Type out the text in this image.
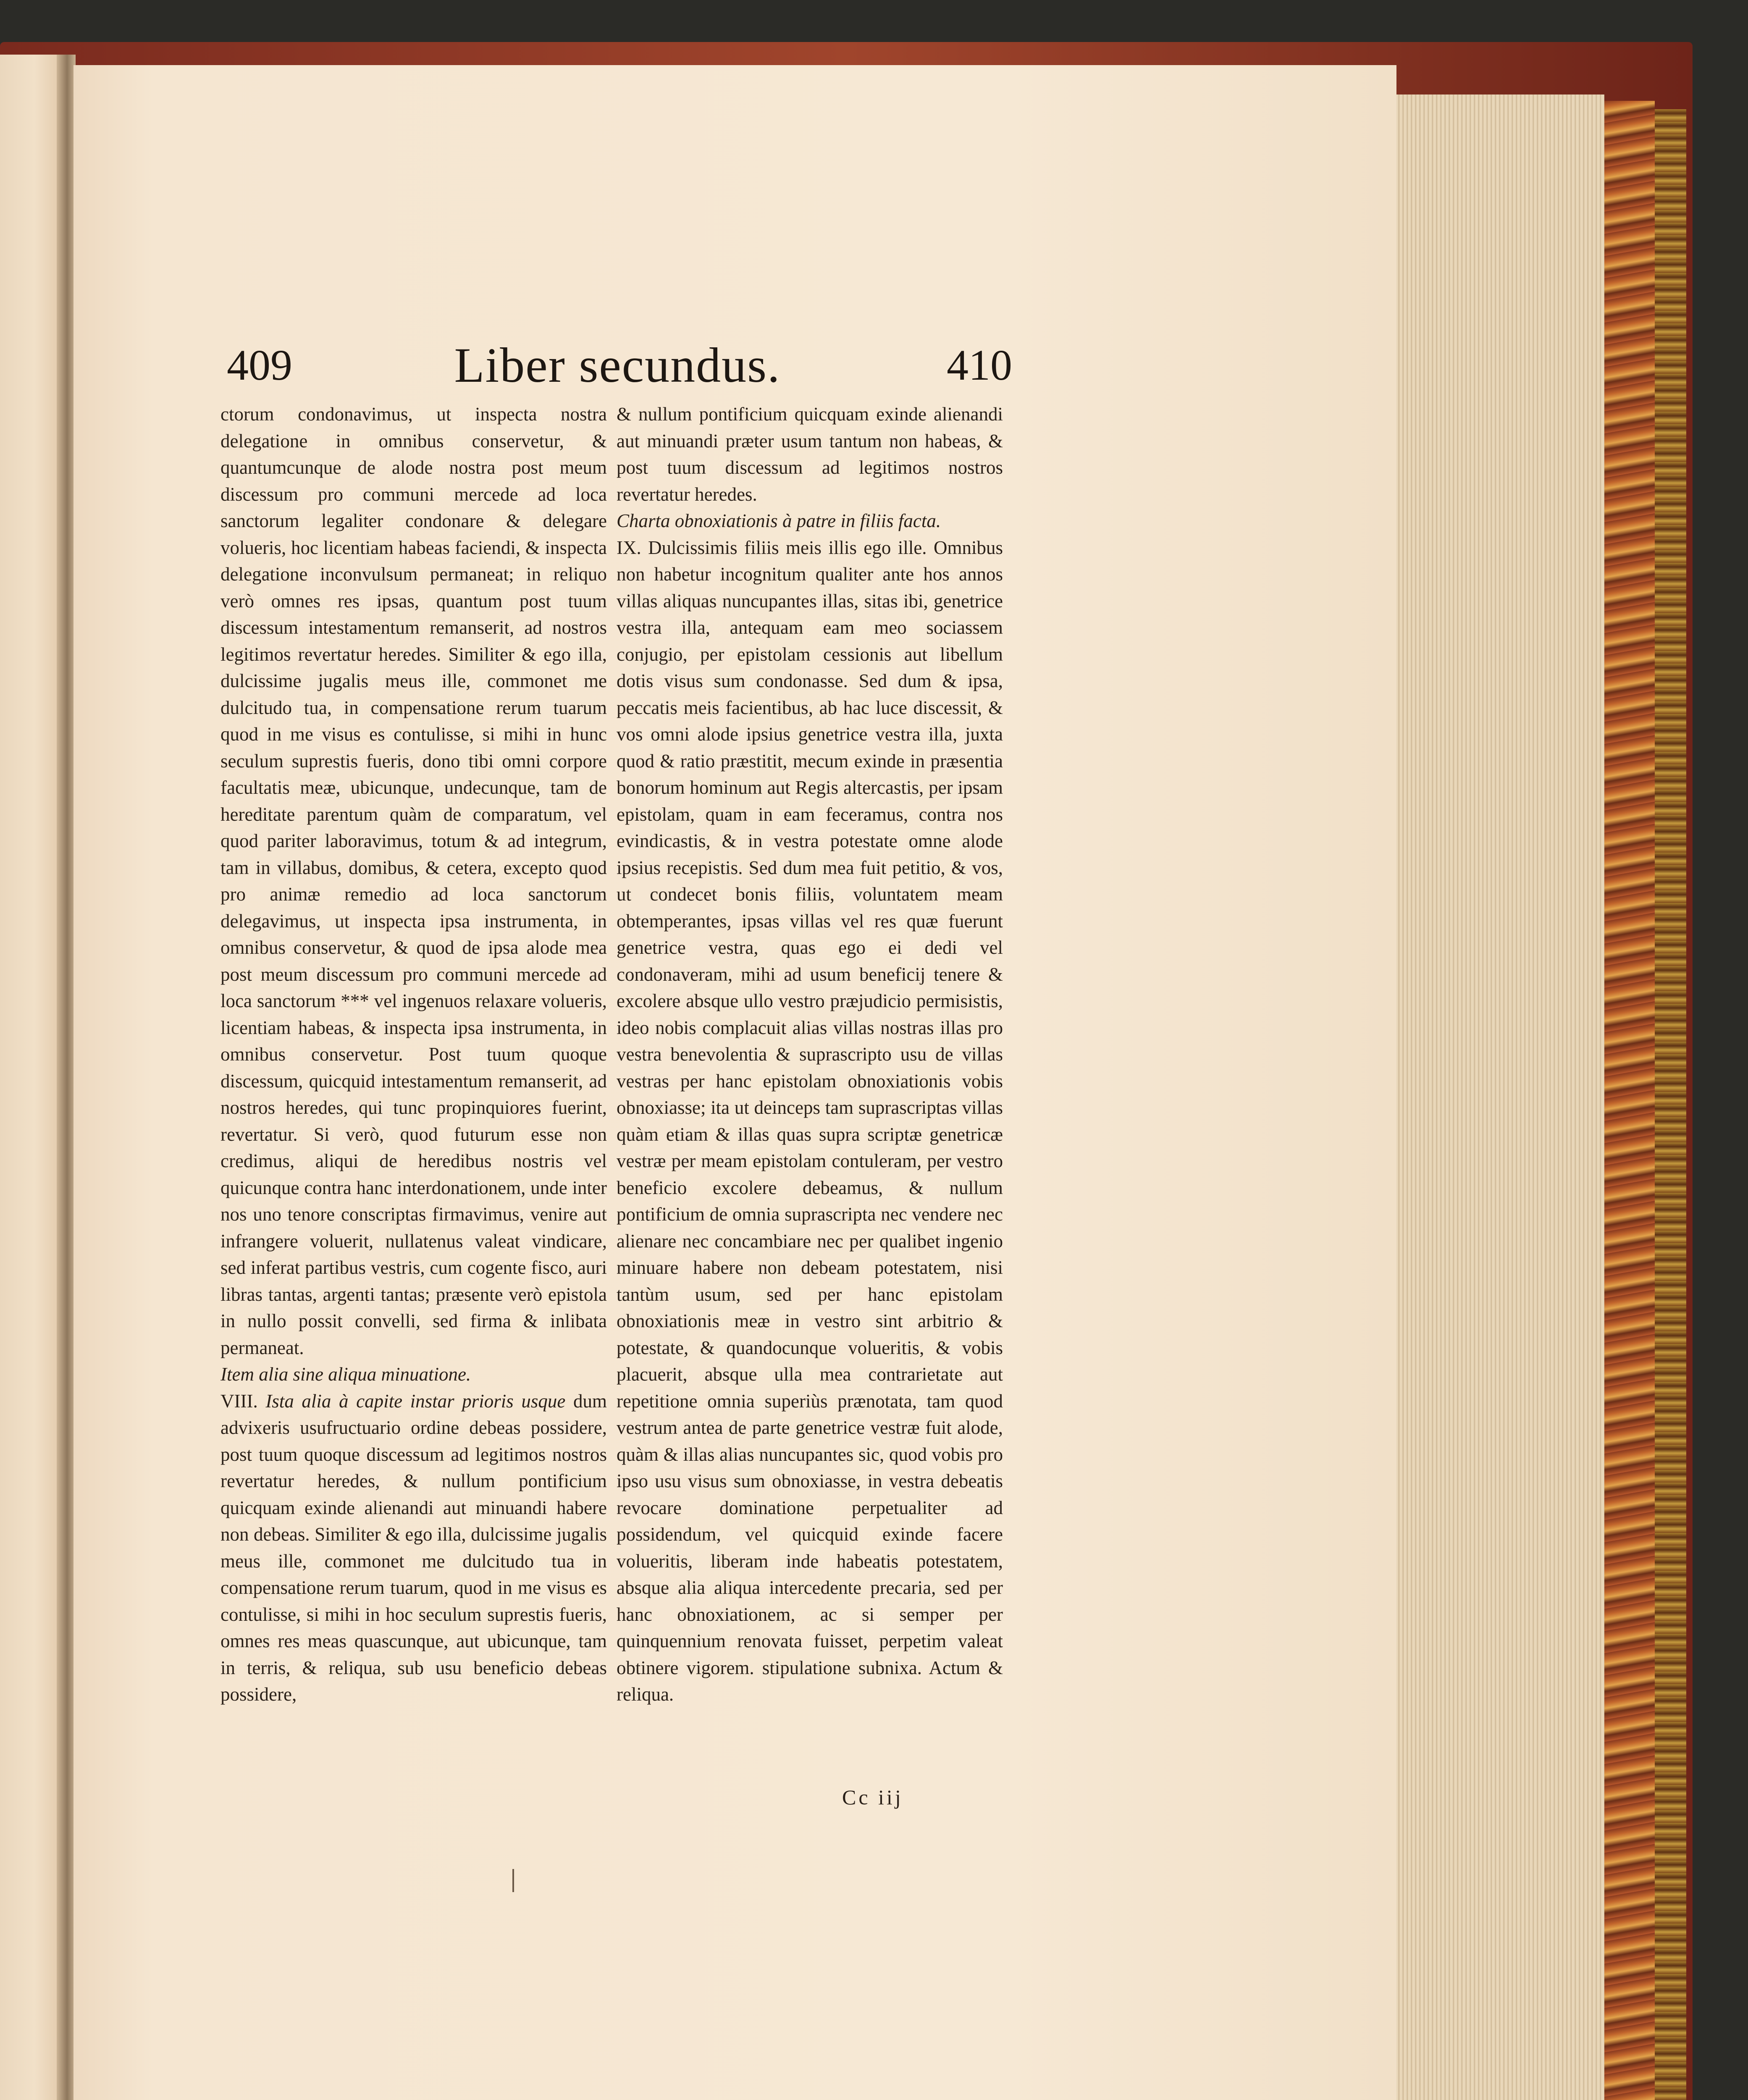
409	Liber secundus.	410

ctorum condonavimus, ut inspecta nostra delegatione in omnibus conservetur, & quantumcunque de alode nostra post meum discessum pro communi mercede ad loca sanctorum legaliter condonare & delegare volueris, hoc licentiam habeas faciendi, & inspecta delegatione inconvulsum permaneat; in reliquo verò omnes res ipsas, quantum post tuum discessum intestamentum remanserit, ad nostros legitimos revertatur heredes. Similiter & ego illa, dulcissime jugalis meus ille, commonet me dulcitudo tua, in compensatione rerum tuarum quod in me visus es contulisse, si mihi in hunc seculum suprestis fueris, dono tibi omni corpore facultatis meæ, ubicunque, undecunque, tam de hereditate parentum quàm de comparatum, vel quod pariter laboravimus, totum & ad integrum, tam in villabus, domibus, & cetera, excepto quod pro animæ remedio ad loca sanctorum delegavimus, ut inspecta ipsa instrumenta, in omnibus conservetur, & quod de ipsa alode mea post meum discessum pro communi mercede ad loca sanctorum *** vel ingenuos relaxare volueris, licentiam habeas, & inspecta ipsa instrumenta, in omnibus conservetur. Post tuum quoque discessum, quicquid intestamentum remanserit, ad nostros heredes, qui tunc propinquiores fuerint, revertatur. Si verò, quod futurum esse non credimus, aliqui de heredibus nostris vel quicunque contra hanc interdonationem, unde inter nos uno tenore conscriptas firmavimus, venire aut infrangere voluerit, nullatenus valeat vindicare, sed inferat partibus vestris, cum cogente fisco, auri libras tantas, argenti tantas; præsente verò epistola in nullo possit convelli, sed firma & inlibata permaneat.

Item alia sine aliqua minuatione.

VIII. Ista alia à capite instar prioris usque dum advixeris usufructuario ordine debeas possidere, post tuum quoque discessum ad legitimos nostros revertatur heredes, & nullum pontificium quicquam exinde alienandi aut minuandi habere non debeas. Similiter & ego illa, dulcissime jugalis meus ille, commonet me dulcitudo tua in compensatione rerum tuarum, quod in me visus es contulisse, si mihi in hoc seculum suprestis fueris, omnes res meas quascunque, aut ubicunque, tam in terris, & reliqua, sub usu beneficio debeas possidere,

& nullum pontificium quicquam exinde alienandi aut minuandi præter usum tantum non habeas, & post tuum discessum ad legitimos nostros revertatur heredes.

Charta obnoxiationis à patre in filiis facta.

IX. Dulcissimis filiis meis illis ego ille. Omnibus non habetur incognitum qualiter ante hos annos villas aliquas nuncupantes illas, sitas ibi, genetrice vestra illa, antequam eam meo sociassem conjugio, per epistolam cessionis aut libellum dotis visus sum condonasse. Sed dum & ipsa, peccatis meis facientibus, ab hac luce discessit, & vos omni alode ipsius genetrice vestra illa, juxta quod & ratio præstitit, mecum exinde in præsentia bonorum hominum aut Regis altercastis, per ipsam epistolam, quam in eam feceramus, contra nos evindicastis, & in vestra potestate omne alode ipsius recepistis. Sed dum mea fuit petitio, & vos, ut condecet bonis filiis, voluntatem meam obtemperantes, ipsas villas vel res quæ fuerunt genetrice vestra, quas ego ei dedi vel condonaveram, mihi ad usum beneficij tenere & excolere absque ullo vestro præjudicio permisistis, ideo nobis complacuit alias villas nostras illas pro vestra benevolentia & suprascripto usu de villas vestras per hanc epistolam obnoxiationis vobis obnoxiasse; ita ut deinceps tam suprascriptas villas quàm etiam & illas quas supra scriptæ genetricæ vestræ per meam epistolam contuleram, per vestro beneficio excolere debeamus, & nullum pontificium de omnia suprascripta nec vendere nec alienare nec concambiare nec per qualibet ingenio minuare habere non debeam potestatem, nisi tantùm usum, sed per hanc epistolam obnoxiationis meæ in vestro sint arbitrio & potestate, & quandocunque volueritis, & vobis placuerit, absque ulla mea contrarietate aut repetitione omnia superiùs prænotata, tam quod vestrum antea de parte genetrice vestræ fuit alode, quàm & illas alias nuncupantes sic, quod vobis pro ipso usu visus sum obnoxiasse, in vestra debeatis revocare dominatione perpetualiter ad possidendum, vel quicquid exinde facere volueritis, liberam inde habeatis potestatem, absque alia aliqua intercedente precaria, sed per hanc obnoxiationem, ac si semper per quinquennium renovata fuisset, perpetim valeat obtinere vigorem. stipulatione subnixa. Actum & reliqua.

Cc iij
